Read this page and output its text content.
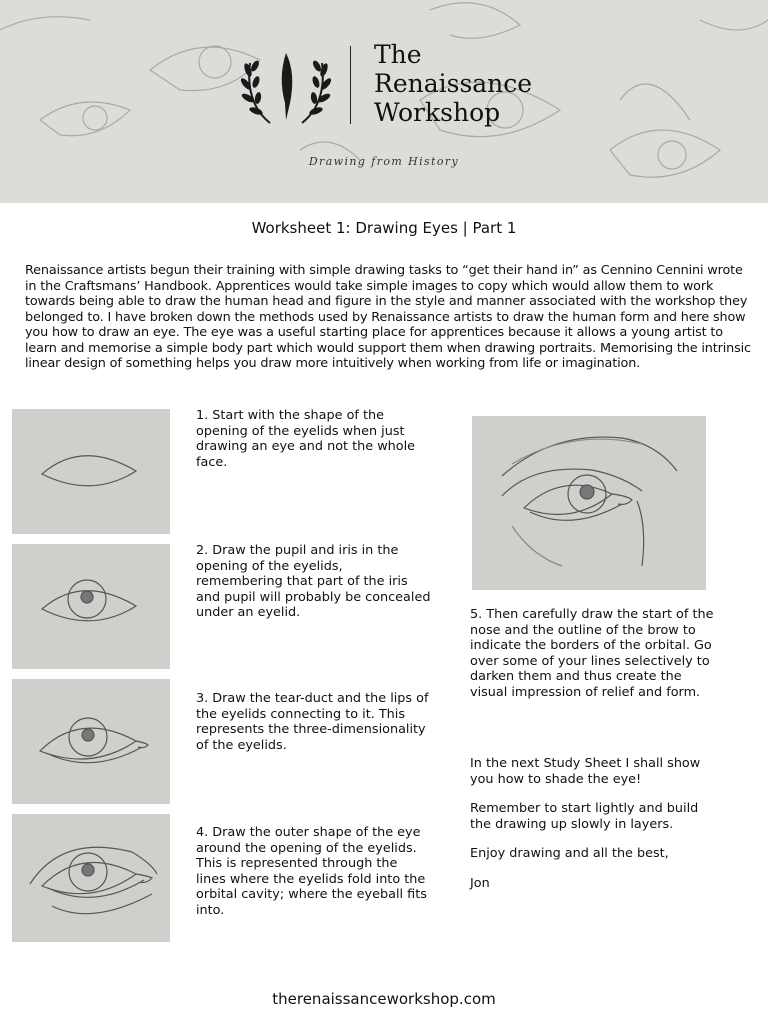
The
Renaissance
Workshop
Drawing from History
Worksheet 1: Drawing Eyes | Part 1
Renaissance artists begun their training with simple drawing tasks to “get their hand in” as Cennino Cennini wrote in the Craftsmans’ Handbook. Apprentices would take simple images to copy which would allow them to work towards being able to draw the human head and figure in the style and manner associated with the workshop they belonged to. I have broken down the methods used by Renaissance artists to draw the human form and here show you how to draw an eye. The eye was a useful starting place for apprentices because it allows a young artist to learn and memorise a simple body part which would support them when drawing portraits. Memorising the intrinsic linear design of something helps you draw more intuitively when working from life or imagination.
1. Start with the shape of the opening of the eyelids when just drawing an eye and not the whole face.
2. Draw the pupil and iris in the opening of the eyelids, remembering that part of the iris and pupil will probably be concealed under an eyelid.
3. Draw the tear-duct and the lips of the eyelids connecting to it. This represents the three-dimensionality of the eyelids.
4. Draw the outer shape of the eye around the opening of the eyelids. This is represented through the lines where the eyelids fold into the orbital cavity; where the eyeball fits into.
5. Then carefully draw the start of the nose and the outline of the brow to indicate the borders of the orbital. Go over some of your lines selectively to darken them and thus create the visual impression of relief and form.

In the next Study Sheet I shall show you how to shade the eye!

Remember to start lightly and build the drawing up slowly in layers.

Enjoy drawing and all the best,

Jon

therenaissanceworkshop.com
